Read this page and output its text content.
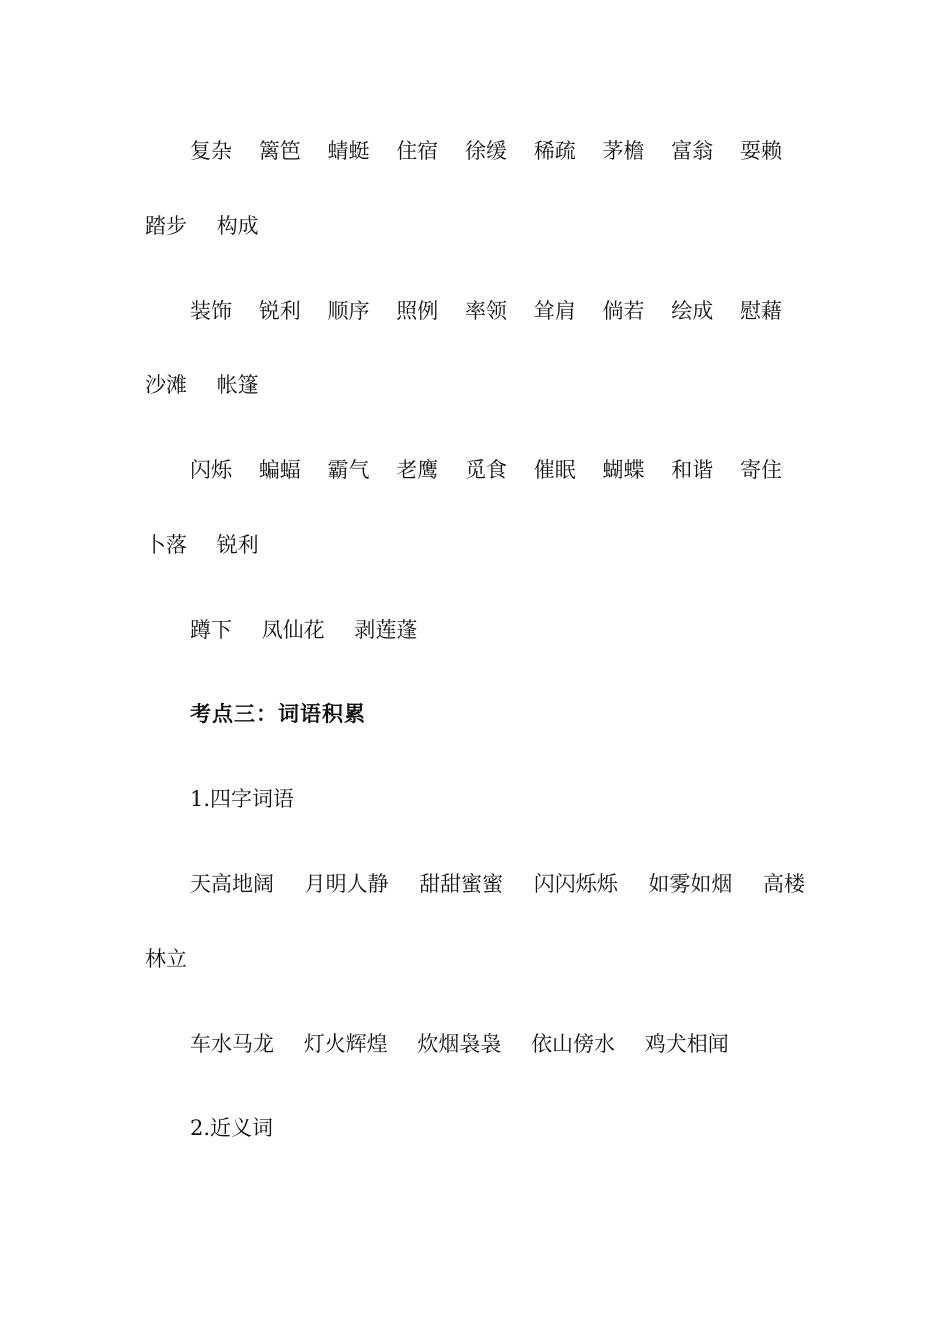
复杂 篱笆 蜻蜓 住宿 徐缓 稀疏 茅檐 富翁 耍赖
踏步 构成
装饰 锐利 顺序 照例 率领 耸肩 倘若 绘成 慰藉
沙滩 帐篷
闪烁 蝙蝠 霸气 老鹰 觅食 催眠 蝴蝶 和谐 寄住
卜落 锐利
蹲下 凤仙花 剥莲蓬
考点三：词语积累
1.四字词语
天高地阔 月明人静 甜甜蜜蜜 闪闪烁烁 如雾如烟 高楼
林立
车水马龙 灯火辉煌 炊烟袅袅 依山傍水 鸡犬相闻
2.近义词
